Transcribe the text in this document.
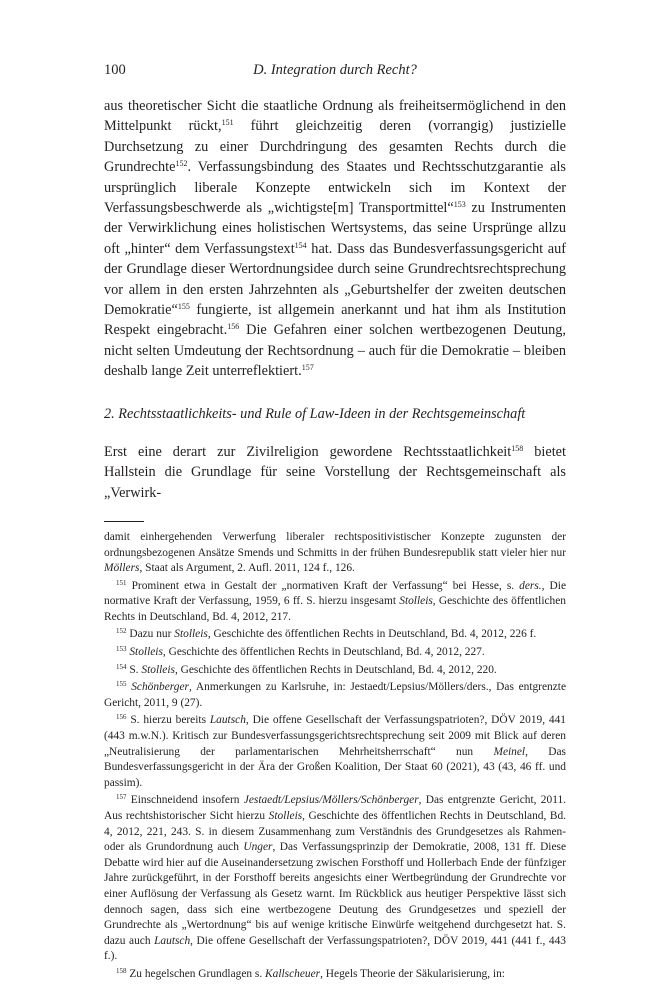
100	D. Integration durch Recht?

aus theoretischer Sicht die staatliche Ordnung als freiheitsermöglichend in den Mittelpunkt rückt,$^{151}$ führt gleichzeitig deren (vorrangig) justizielle Durchsetzung zu einer Durchdringung des gesamten Rechts durch die Grundrechte$^{152}$. Verfassungsbindung des Staates und Rechtsschutzgarantie als ursprünglich liberale Konzepte entwickeln sich im Kontext der Verfassungsbeschwerde als „wichtigste[m] Transportmittel“$^{153}$ zu Instrumenten der Verwirklichung eines holistischen Wertsystems, das seine Ursprünge allzu oft „hinter“ dem Verfassungstext$^{154}$ hat. Dass das Bundesverfassungsgericht auf der Grundlage dieser Wertordnungsidee durch seine Grundrechtsrechtsprechung vor allem in den ersten Jahrzehnten als „Geburtshelfer der zweiten deutschen Demokratie“$^{155}$ fungierte, ist allgemein anerkannt und hat ihm als Institution Respekt eingebracht.$^{156}$ Die Gefahren einer solchen wertbezogenen Deutung, nicht selten Umdeutung der Rechtsordnung – auch für die Demokratie – bleiben deshalb lange Zeit unterreflektiert.$^{157}$

2. Rechtsstaatlichkeits- und Rule of Law-Ideen in der Rechtsgemeinschaft

Erst eine derart zur Zivilreligion gewordene Rechtsstaatlichkeit$^{158}$ bietet Hallstein die Grundlage für seine Vorstellung der Rechtsgemeinschaft als „Verwirk-

damit einhergehenden Verwerfung liberaler rechtspositivistischer Konzepte zugunsten der ordnungsbezogenen Ansätze Smends und Schmitts in der frühen Bundesrepublik statt vieler hier nur Möllers, Staat als Argument, 2. Aufl. 2011, 124 f., 126.
$^{151}$ Prominent etwa in Gestalt der „normativen Kraft der Verfassung“ bei Hesse, s. ders., Die normative Kraft der Verfassung, 1959, 6 ff. S. hierzu insgesamt Stolleis, Geschichte des öffentlichen Rechts in Deutschland, Bd. 4, 2012, 217.
$^{152}$ Dazu nur Stolleis, Geschichte des öffentlichen Rechts in Deutschland, Bd. 4, 2012, 226 f.
$^{153}$ Stolleis, Geschichte des öffentlichen Rechts in Deutschland, Bd. 4, 2012, 227.
$^{154}$ S. Stolleis, Geschichte des öffentlichen Rechts in Deutschland, Bd. 4, 2012, 220.
$^{155}$ Schönberger, Anmerkungen zu Karlsruhe, in: Jestaedt/Lepsius/Möllers/ders., Das entgrenzte Gericht, 2011, 9 (27).
$^{156}$ S. hierzu bereits Lautsch, Die offene Gesellschaft der Verfassungspatrioten?, DÖV 2019, 441 (443 m.w.N.). Kritisch zur Bundesverfassungsgerichtsrechtsprechung seit 2009 mit Blick auf deren „Neutralisierung der parlamentarischen Mehrheitsherrschaft“ nun Meinel, Das Bundesverfassungsgericht in der Ära der Großen Koalition, Der Staat 60 (2021), 43 (43, 46 ff. und passim).
$^{157}$ Einschneidend insofern Jestaedt/Lepsius/Möllers/Schönberger, Das entgrenzte Gericht, 2011. Aus rechtshistorischer Sicht hierzu Stolleis, Geschichte des öffentlichen Rechts in Deutschland, Bd. 4, 2012, 221, 243. S. in diesem Zusammenhang zum Verständnis des Grundgesetzes als Rahmen- oder als Grundordnung auch Unger, Das Verfassungsprinzip der Demokratie, 2008, 131 ff. Diese Debatte wird hier auf die Auseinandersetzung zwischen Forsthoff und Hollerbach Ende der fünfziger Jahre zurückgeführt, in der Forsthoff bereits angesichts einer Wertbegründung der Grundrechte vor einer Auflösung der Verfassung als Gesetz warnt. Im Rückblick aus heutiger Perspektive lässt sich dennoch sagen, dass sich eine wertbezogene Deutung des Grundgesetzes und speziell der Grundrechte als „Wertordnung“ bis auf wenige kritische Einwürfe weitgehend durchgesetzt hat. S. dazu auch Lautsch, Die offene Gesellschaft der Verfassungspatrioten?, DÖV 2019, 441 (441 f., 443 f.).
$^{158}$ Zu hegelschen Grundlagen s. Kallscheuer, Hegels Theorie der Säkularisierung, in:
